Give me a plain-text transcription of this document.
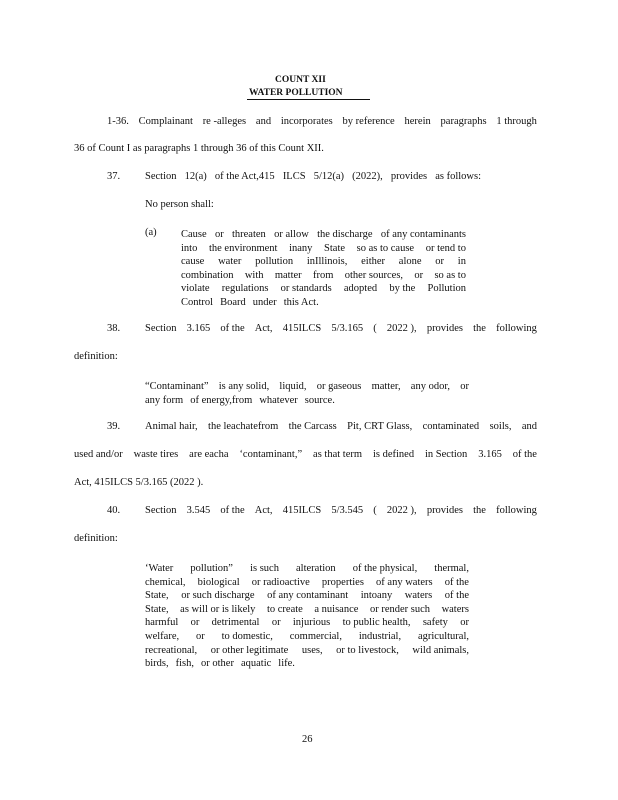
COUNT XII
WATER POLLUTION
1-36. Complainant re -alleges and incorporates by reference herein paragraphs 1 through
36 of Count I as paragraphs 1 through 36 of this Count XII.
37. Section 12(a) of the Act,415 ILCS 5/12(a) (2022), provides as follows:
No person shall:
(a) Cause or threaten or allow the discharge of any contaminants
into the environment inany State so as to cause or tend to
cause water pollution inIllinois, either alone or in
combination with matter from other sources, or so as to
violate regulations or standards adopted by the Pollution
Control Board under this Act.
38. Section 3.165 of the Act, 415ILCS 5/3.165 ( 2022 ), provides the following
definition:
“Contaminant” is any solid, liquid, or gaseous matter, any odor, or
any form of energy,from whatever source.
39. Animal hair, the leachatefrom the Carcass Pit, CRT Glass, contaminated soils, and
used and/or waste tires are eacha ‘contaminant,” as that term is defined in Section 3.165 of the
Act, 415ILCS 5/3.165 (2022 ).
40. Section 3.545 of the Act, 415ILCS 5/3.545 ( 2022 ), provides the following
definition:
‘Water pollution” is such alteration of the physical, thermal,
chemical, biological or radioactive properties of any waters of the
State, or such discharge of any contaminant intoany waters of the
State, as will or is likely to create a nuisance or render such waters
harmful or detrimental or injurious to public health, safety or
welfare, or to domestic, commercial, industrial, agricultural,
recreational, or other legitimate uses, or to livestock, wild animals,
birds, fish, or other aquatic life.
26
